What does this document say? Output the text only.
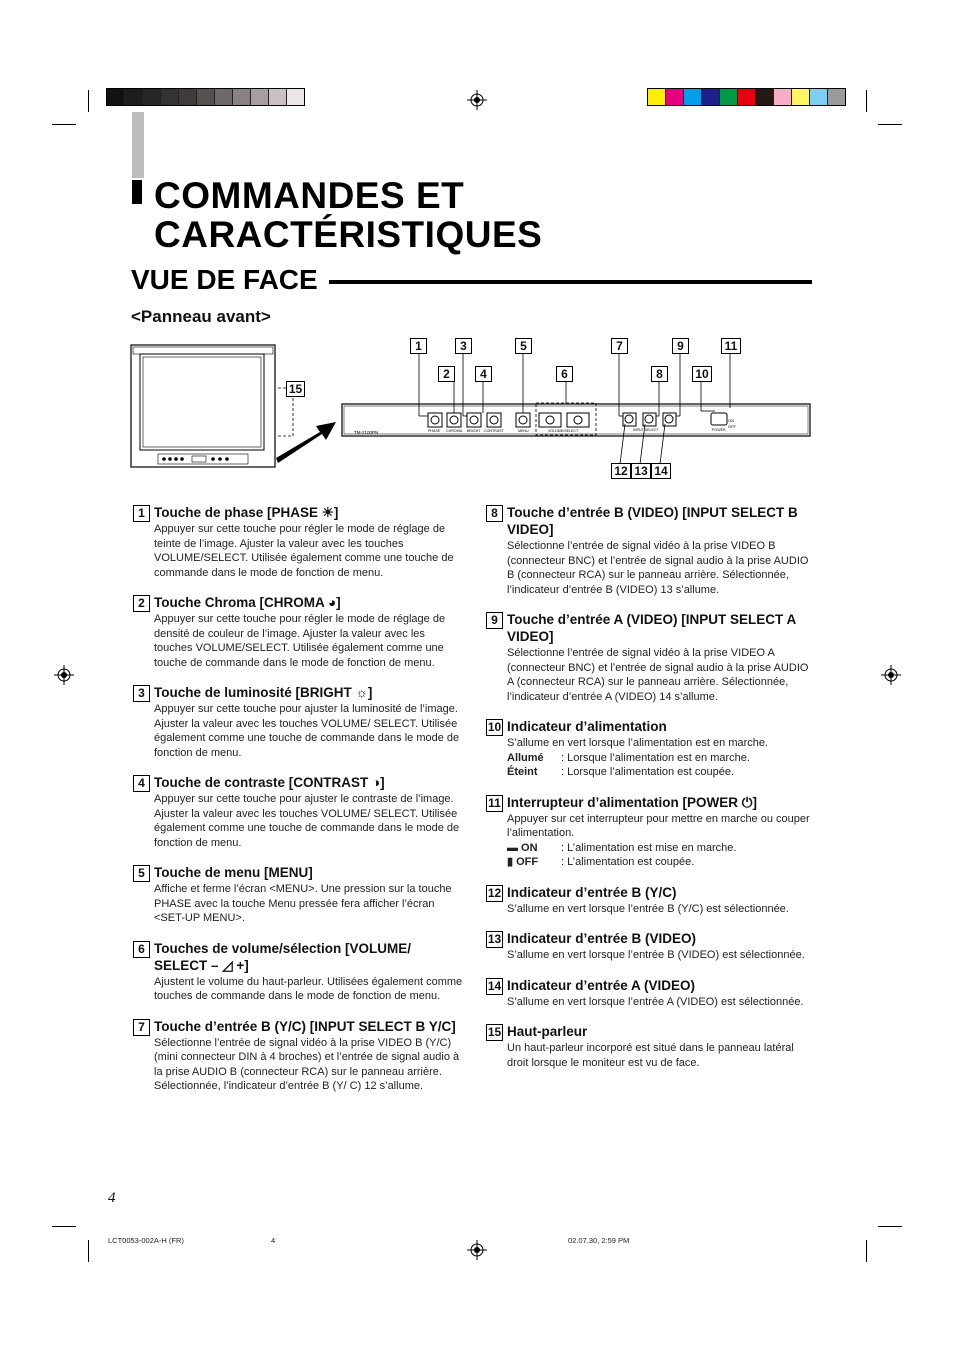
COMMANDES ET
CARACTÉRISTIQUES
VUE DE FACE
<Panneau avant>
TM-2100PN
ON
OFF
PHASE CHROMA BRIGHT CONTRAST	MENU	VOLUME/SELECT	INPUT SELECT	POWER
1
2
3
4
5
6
7
8
9
10
11
12 13 14
15
1 Touche de phase [PHASE ☀]

Appuyer sur cette touche pour régler le mode de réglage de teinte de l’image. Ajuster la valeur avec les touches VOLUME/SELECT. Utilisée également comme une touche de commande dans le mode de fonction de menu.

2 Touche Chroma [CHROMA ◕]

Appuyer sur cette touche pour régler le mode de réglage de densité de couleur de l’image. Ajuster la valeur avec les touches VOLUME/SELECT. Utilisée également comme une touche de commande dans le mode de fonction de menu.

3 Touche de luminosité [BRIGHT ☼]

Appuyer sur cette touche pour ajuster la luminosité de l’image. Ajuster la valeur avec les touches VOLUME/ SELECT. Utilisée également comme une touche de commande dans le mode de fonction de menu.

4 Touche de contraste [CONTRAST ◑]

Appuyer sur cette touche pour ajuster le contraste de l’image. Ajuster la valeur avec les touches VOLUME/ SELECT. Utilisée également comme une touche de commande dans le mode de fonction de menu.

5 Touche de menu [MENU]

Affiche et ferme l’écran <MENU>. Une pression sur la touche PHASE avec la touche Menu pressée fera afficher l’écran <SET-UP MENU>.

6 Touches de volume/sélection [VOLUME/ SELECT – ◿ +]

Ajustent le volume du haut-parleur. Utilisées également comme touches de commande dans le mode de fonction de menu.

7 Touche d’entrée B (Y/C) [INPUT SELECT B Y/C]

Sélectionne l’entrée de signal vidéo à la prise VIDEO B (Y/C) (mini connecteur DIN à 4 broches) et l’entrée de signal audio à la prise AUDIO B (connecteur RCA) sur le panneau arrière. Sélectionnée, l’indicateur d’entrée B (Y/ C) 12 s’allume.

8 Touche d’entrée B (VIDEO) [INPUT SELECT B VIDEO]

Sélectionne l’entrée de signal vidéo à la prise VIDEO B (connecteur BNC) et l’entrée de signal audio à la prise AUDIO B (connecteur RCA) sur le panneau arrière. Sélectionnée, l’indicateur d’entrée B (VIDEO) 13 s’allume.

9 Touche d’entrée A (VIDEO) [INPUT SELECT A VIDEO]

Sélectionne l’entrée de signal vidéo à la prise VIDEO A (connecteur BNC) et l’entrée de signal audio à la prise AUDIO A (connecteur RCA) sur le panneau arrière. Sélectionnée, l’indicateur d’entrée A (VIDEO) 14 s’allume.

10 Indicateur d’alimentation

S’allume en vert lorsque l’alimentation est en marche.

Allumé : Lorsque l’alimentation est en marche.

Éteint : Lorsque l’alimentation est coupée.

11 Interrupteur d’alimentation [POWER ⏻]

Appuyer sur cet interrupteur pour mettre en marche ou couper l’alimentation.

▬ ON : L’alimentation est mise en marche.

▮ OFF : L’alimentation est coupée.

12 Indicateur d’entrée B (Y/C)

S’allume en vert lorsque l’entrée B (Y/C) est sélectionnée.

13 Indicateur d’entrée B (VIDEO)

S’allume en vert lorsque l’entrée B (VIDEO) est sélectionnée.

14 Indicateur d’entrée A (VIDEO)

S’allume en vert lorsque l’entrée A (VIDEO) est sélectionnée.

15 Haut-parleur

Un haut-parleur incorporé est situé dans le panneau latéral droit lorsque le moniteur est vu de face.

4
LCT0053-002A-H (FR)	4	02.07.30, 2:59 PM
